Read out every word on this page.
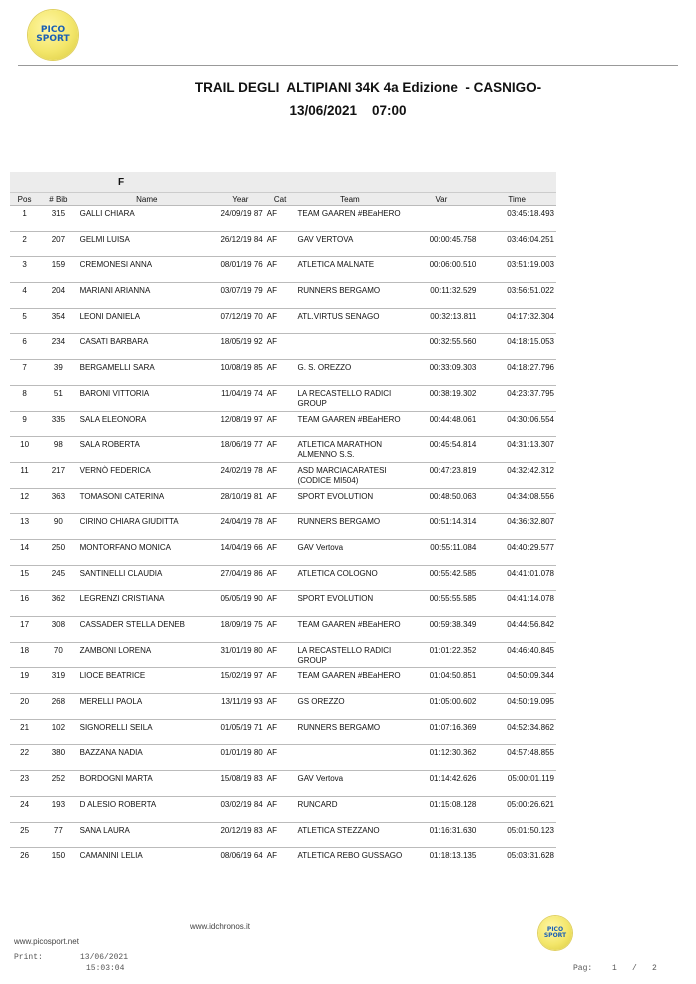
PICO
SPORT
TRAIL DEGLI  ALTIPIANI 34K 4a Edizione  - CASNIGO-
13/06/2021    07:00
F							
Pos	# Bib	Name	Year	Cat	Team	Var	Time
1	315	GALLI CHIARA	24/09/19 87	AF	TEAM GAAREN #BEaHERO		03:45:18.493
2	207	GELMI LUISA	26/12/19 84	AF	GAV VERTOVA	00:00:45.758	03:46:04.251
3	159	CREMONESI ANNA	08/01/19 76	AF	ATLETICA MALNATE	00:06:00.510	03:51:19.003
4	204	MARIANI ARIANNA	03/07/19 79	AF	RUNNERS BERGAMO	00:11:32.529	03:56:51.022
5	354	LEONI DANIELA	07/12/19 70	AF	ATL.VIRTUS SENAGO	00:32:13.811	04:17:32.304
6	234	CASATI BARBARA	18/05/19 92	AF		00:32:55.560	04:18:15.053
7	39	BERGAMELLI SARA	10/08/19 85	AF	G. S. OREZZO	00:33:09.303	04:18:27.796
8	51	BARONI VITTORIA	11/04/19 74	AF	LA RECASTELLO RADICI GROUP	00:38:19.302	04:23:37.795
9	335	SALA ELEONORA	12/08/19 97	AF	TEAM GAAREN #BEaHERO	00:44:48.061	04:30:06.554
10	98	SALA ROBERTA	18/06/19 77	AF	ATLETICA MARATHON ALMENNO S.S.	00:45:54.814	04:31:13.307
11	217	VERNÒ FEDERICA	24/02/19 78	AF	ASD MARCIACARATESI (CODICE MI504)	00:47:23.819	04:32:42.312
12	363	TOMASONI CATERINA	28/10/19 81	AF	SPORT EVOLUTION	00:48:50.063	04:34:08.556
13	90	CIRINO CHIARA GIUDITTA	24/04/19 78	AF	RUNNERS BERGAMO	00:51:14.314	04:36:32.807
14	250	MONTORFANO MONICA	14/04/19 66	AF	GAV Vertova	00:55:11.084	04:40:29.577
15	245	SANTINELLI CLAUDIA	27/04/19 86	AF	ATLETICA COLOGNO	00:55:42.585	04:41:01.078
16	362	LEGRENZI CRISTIANA	05/05/19 90	AF	SPORT EVOLUTION	00:55:55.585	04:41:14.078
17	308	CASSADER STELLA DENEB	18/09/19 75	AF	TEAM GAAREN #BEaHERO	00:59:38.349	04:44:56.842
18	70	ZAMBONI LORENA	31/01/19 80	AF	LA RECASTELLO RADICI GROUP	01:01:22.352	04:46:40.845
19	319	LIOCE BEATRICE	15/02/19 97	AF	TEAM GAAREN #BEaHERO	01:04:50.851	04:50:09.344
20	268	MERELLI PAOLA	13/11/19 93	AF	GS OREZZO	01:05:00.602	04:50:19.095
21	102	SIGNORELLI SEILA	01/05/19 71	AF	RUNNERS BERGAMO	01:07:16.369	04:52:34.862
22	380	BAZZANA NADIA	01/01/19 80	AF		01:12:30.362	04:57:48.855
23	252	BORDOGNI MARTA	15/08/19 83	AF	GAV Vertova	01:14:42.626	05:00:01.119
24	193	D ALESIO ROBERTA	03/02/19 84	AF	RUNCARD	01:15:08.128	05:00:26.621
25	77	SANA LAURA	20/12/19 83	AF	ATLETICA STEZZANO	01:16:31.630	05:01:50.123
26	150	CAMANINI LELIA	08/06/19 64	AF	ATLETICA REBO GUSSAGO	01:18:13.135	05:03:31.628
www.idchronos.it
www.picosport.net
PICO
SPORT
Print:	13/06/2021
15:03:04	Pag: 1 / 2
